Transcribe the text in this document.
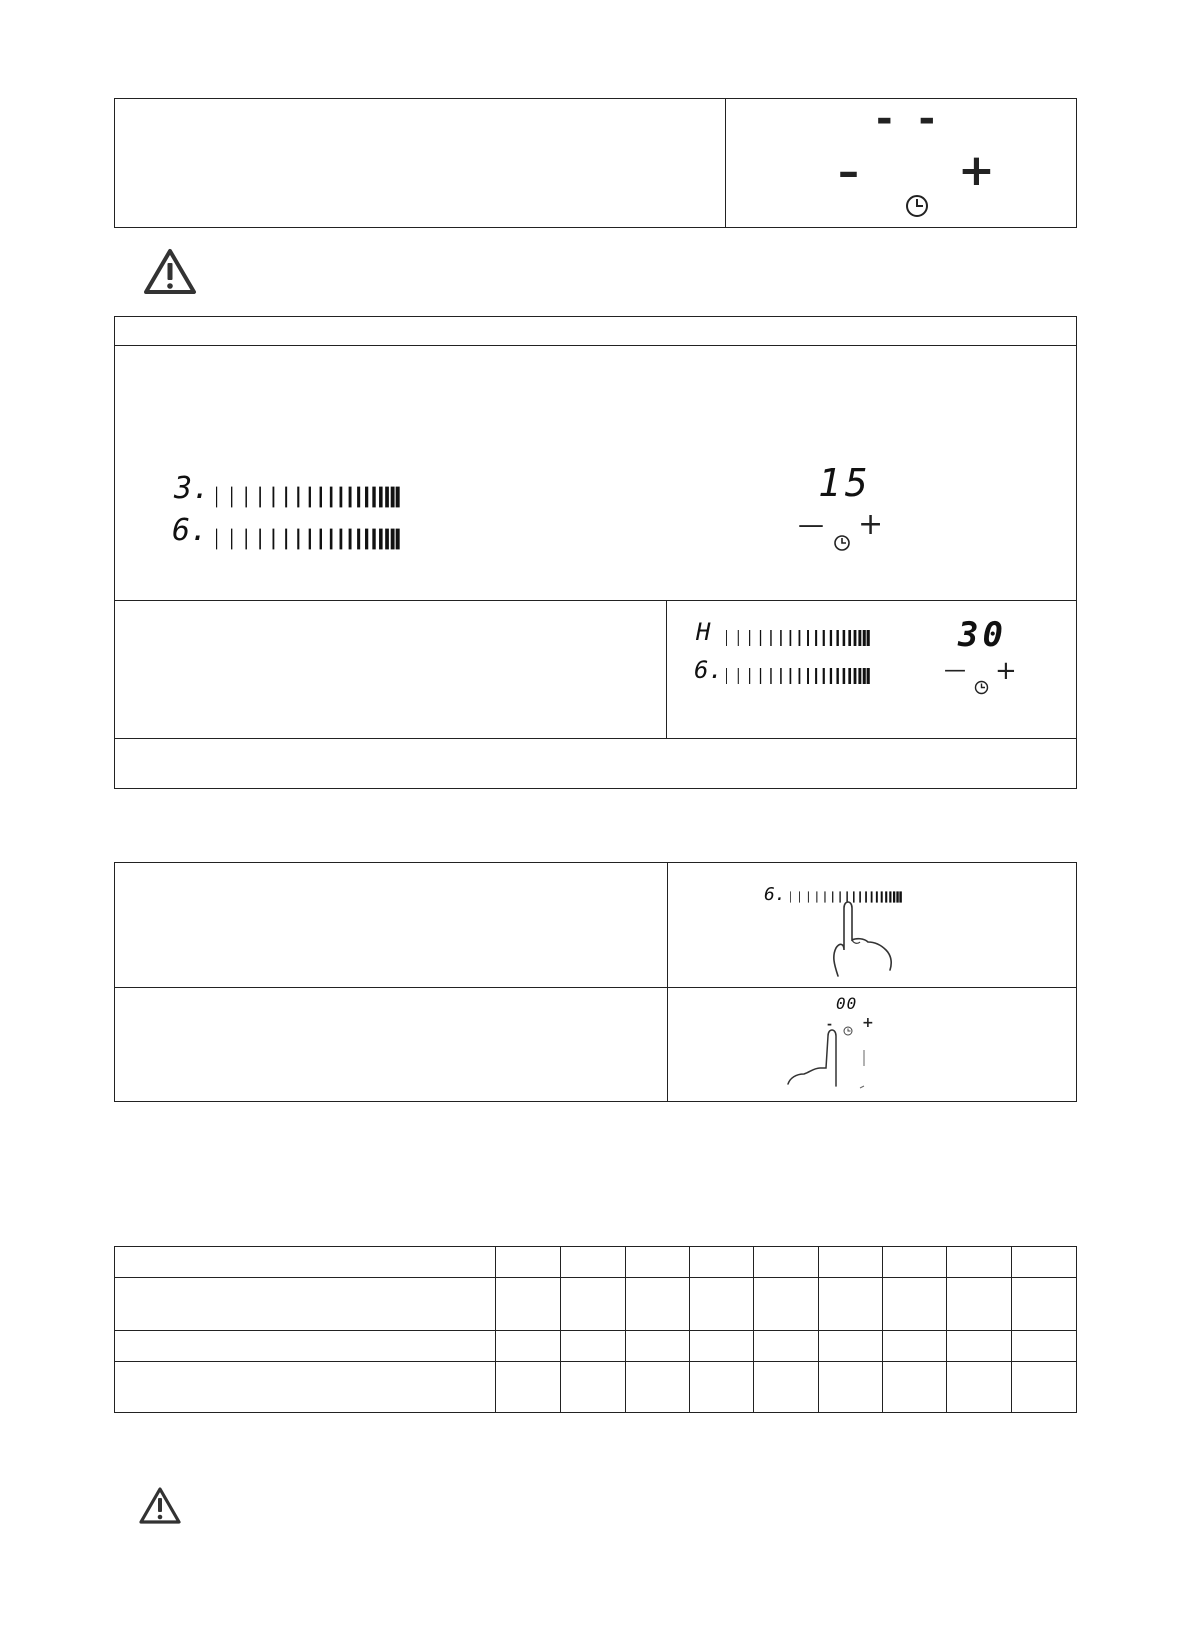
- -
– +
3.
6.
15
— +
H
6.
30
— +
6.
00
- +
